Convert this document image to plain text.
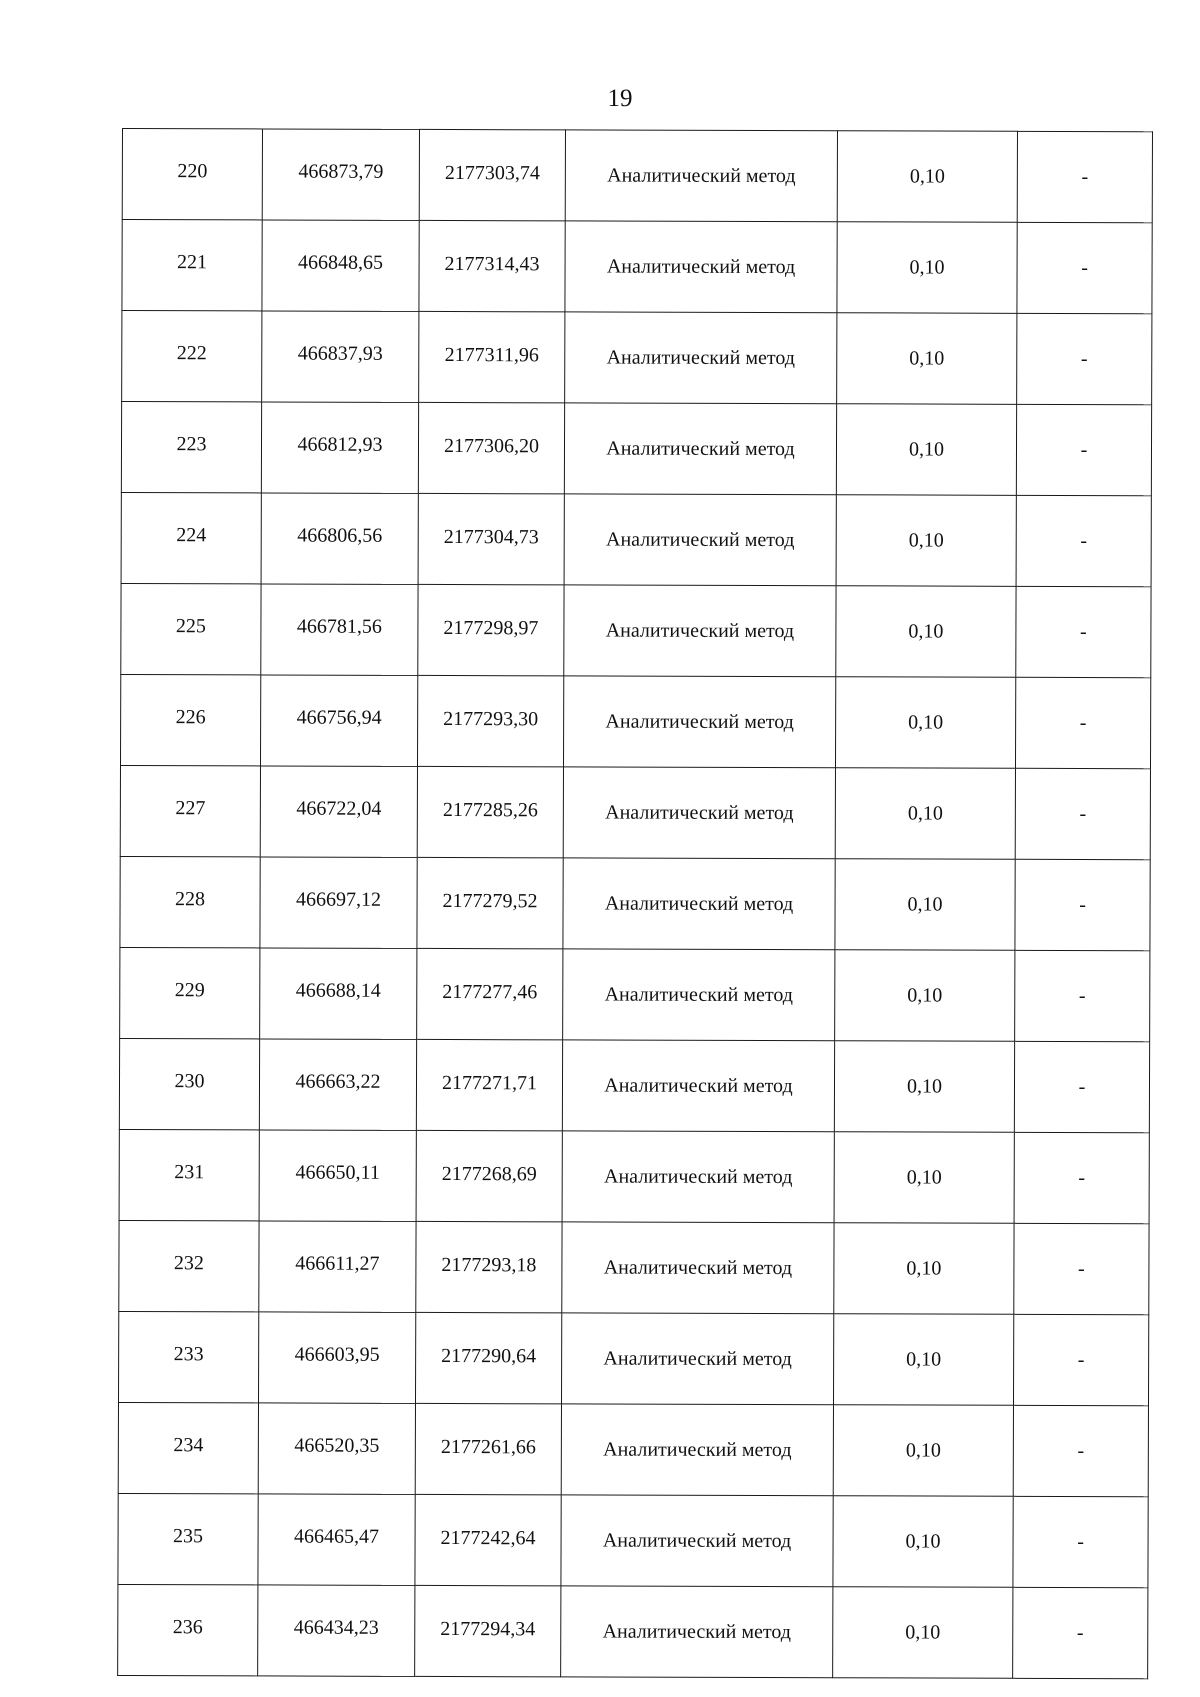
19
220	466873,79	2177303,74	Аналитический метод	0,10	-
221	466848,65	2177314,43	Аналитический метод	0,10	-
222	466837,93	2177311,96	Аналитический метод	0,10	-
223	466812,93	2177306,20	Аналитический метод	0,10	-
224	466806,56	2177304,73	Аналитический метод	0,10	-
225	466781,56	2177298,97	Аналитический метод	0,10	-
226	466756,94	2177293,30	Аналитический метод	0,10	-
227	466722,04	2177285,26	Аналитический метод	0,10	-
228	466697,12	2177279,52	Аналитический метод	0,10	-
229	466688,14	2177277,46	Аналитический метод	0,10	-
230	466663,22	2177271,71	Аналитический метод	0,10	-
231	466650,11	2177268,69	Аналитический метод	0,10	-
232	466611,27	2177293,18	Аналитический метод	0,10	-
233	466603,95	2177290,64	Аналитический метод	0,10	-
234	466520,35	2177261,66	Аналитический метод	0,10	-
235	466465,47	2177242,64	Аналитический метод	0,10	-
236	466434,23	2177294,34	Аналитический метод	0,10	-
